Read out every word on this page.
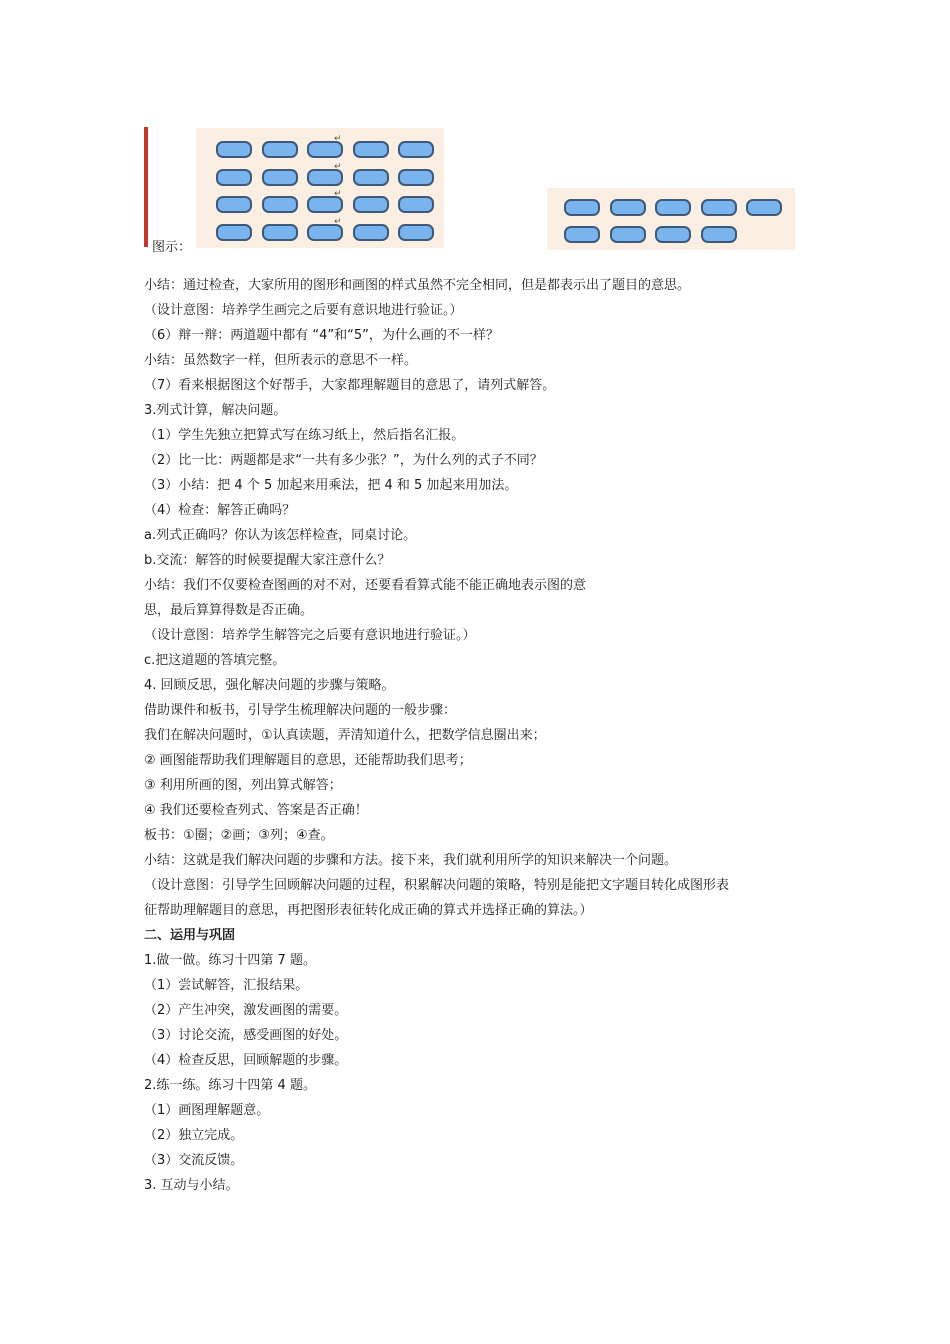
图示：
↵
↵
↵
↵

小结：通过检查，大家所用的图形和画图的样式虽然不完全相同，但是都表示出了题目的意思。

（设计意图：培养学生画完之后要有意识地进行验证。）

（6）辩一辩：两道题中都有 “4”和“5”，为什么画的不一样？

小结：虽然数字一样，但所表示的意思不一样。

（7）看来根据图这个好帮手，大家都理解题目的意思了，请列式解答。

3.列式计算，解决问题。

（1）学生先独立把算式写在练习纸上，然后指名汇报。

（2）比一比：两题都是求“一共有多少张？”，为什么列的式子不同？

（3）小结：把 4 个 5 加起来用乘法，把 4 和 5 加起来用加法。

（4）检查：解答正确吗？

a.列式正确吗？你认为该怎样检查，同桌讨论。

b.交流：解答的时候要提醒大家注意什么？

小结：我们不仅要检查图画的对不对，还要看看算式能不能正确地表示图的意

思，最后算算得数是否正确。

（设计意图：培养学生解答完之后要有意识地进行验证。）

c.把这道题的答填完整。

4. 回顾反思，强化解决问题的步骤与策略。

借助课件和板书，引导学生梳理解决问题的一般步骤：

我们在解决问题时，①认真读题，弄清知道什么，把数学信息圈出来；

② 画图能帮助我们理解题目的意思，还能帮助我们思考；

③ 利用所画的图，列出算式解答；

④ 我们还要检查列式、答案是否正确！

板书：①圈；②画；③列；④查。

小结：这就是我们解决问题的步骤和方法。接下来，我们就利用所学的知识来解决一个问题。

（设计意图：引导学生回顾解决问题的过程，积累解决问题的策略，特别是能把文字题目转化成图形表

征帮助理解题目的意思，再把图形表征转化成正确的算式并选择正确的算法。）

二、运用与巩固

1.做一做。练习十四第 7 题。

（1）尝试解答，汇报结果。

（2）产生冲突，激发画图的需要。

（3）讨论交流，感受画图的好处。

（4）检查反思，回顾解题的步骤。

2.练一练。练习十四第 4 题。

（1）画图理解题意。

（2）独立完成。

（3）交流反馈。

3. 互动与小结。
